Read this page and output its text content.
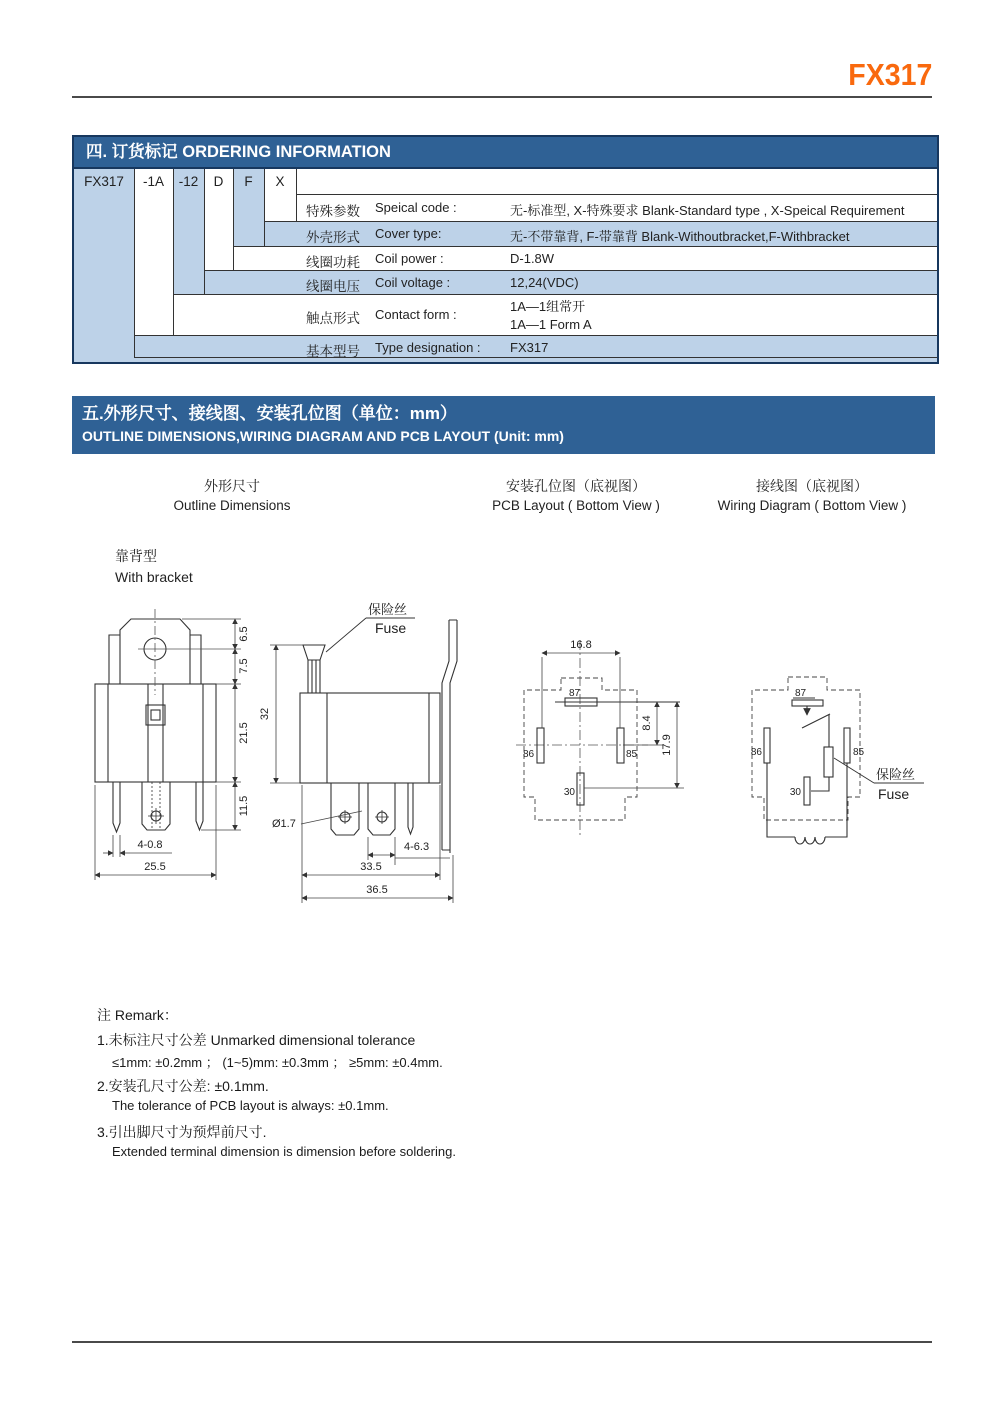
FX317
四. 订货标记 ORDERING INFORMATION
FX317	-1A	-12	D	F	X
特殊参数 Speical code :	无-标准型, X-特殊要求 Blank-Standard type , X-Speical Requirement
外壳形式 Cover type:	无-不带靠背, F-带靠背 Blank-Withoutbracket,F-Withbracket
线圈功耗 Coil power :	D-1.8W
线圈电压 Coil voltage :	12,24(VDC)
触点形式 Contact form :
1A—1组常开
1A—1 Form A
基本型号 Type designation : FX317
五.外形尺寸、接线图、安装孔位图（单位：mm）
OUTLINE DIMENSIONS,WIRING DIAGRAM AND PCB LAYOUT (Unit: mm)
外形尺寸
Outline Dimensions
安装孔位图（底视图）
PCB Layout ( Bottom View )
接线图（底视图）
Wiring Diagram ( Bottom View )
靠背型
With bracket
6.5
7.5
21.5
11.5
4-0.8
25.5
保险丝
Fuse
32
Ø1.7
4-6.3
33.5
36.5
16.8
8.4
17.9
87
86	85
30
87
86	85
30
保险丝
Fuse
注 Remark：
1.未标注尺寸公差 Unmarked dimensional tolerance
≤1mm: ±0.2mm ； (1~5)mm: ±0.3mm ； ≥5mm: ±0.4mm.
2.安装孔尺寸公差: ±0.1mm.
The tolerance of PCB layout is always: ±0.1mm.
3.引出脚尺寸为预焊前尺寸.
Extended terminal dimension is dimension before soldering.
